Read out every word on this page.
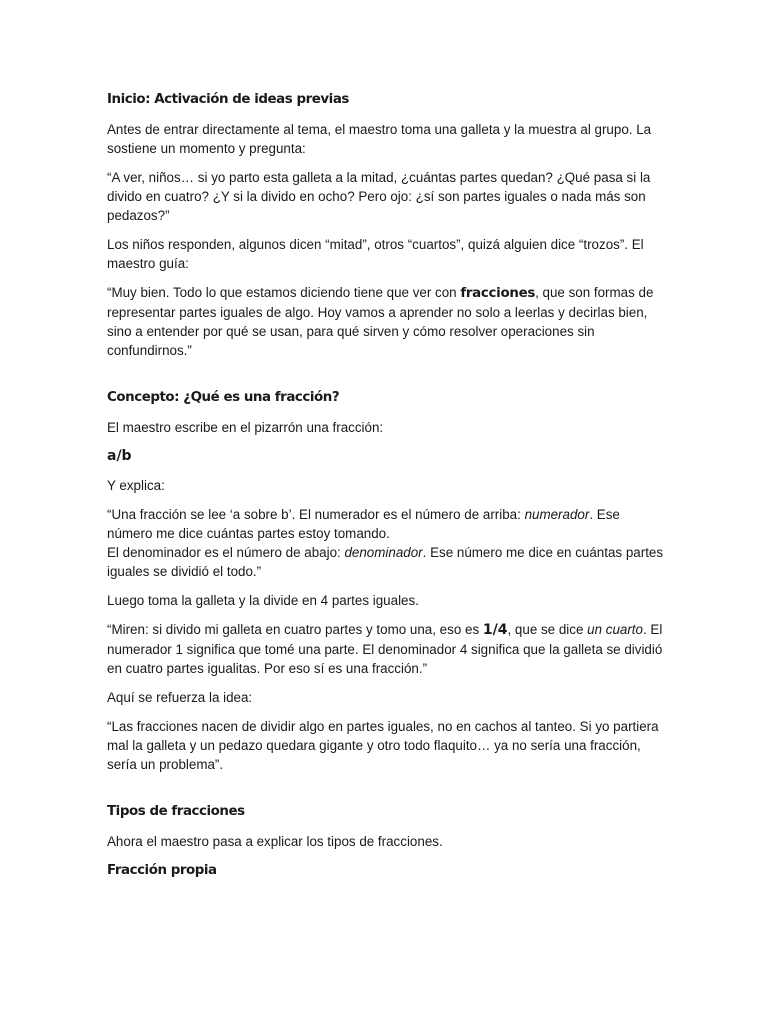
Inicio: Activación de ideas previas

Antes de entrar directamente al tema, el maestro toma una galleta y la muestra al grupo. La sostiene un momento y pregunta:

“A ver, niños… si yo parto esta galleta a la mitad, ¿cuántas partes quedan? ¿Qué pasa si la divido en cuatro? ¿Y si la divido en ocho? Pero ojo: ¿sí son partes iguales o nada más son pedazos?”

Los niños responden, algunos dicen “mitad”, otros “cuartos”, quizá alguien dice “trozos”. El maestro guía:

“Muy bien. Todo lo que estamos diciendo tiene que ver con fracciones, que son formas de representar partes iguales de algo. Hoy vamos a aprender no solo a leerlas y decirlas bien, sino a entender por qué se usan, para qué sirven y cómo resolver operaciones sin confundirnos.”

Concepto: ¿Qué es una fracción?

El maestro escribe en el pizarrón una fracción:

a/b

Y explica:

“Una fracción se lee ‘a sobre b’. El numerador es el número de arriba: numerador. Ese número me dice cuántas partes estoy tomando.
El denominador es el número de abajo: denominador. Ese número me dice en cuántas partes iguales se dividió el todo.”

Luego toma la galleta y la divide en 4 partes iguales.

“Miren: si divido mi galleta en cuatro partes y tomo una, eso es 1/4, que se dice un cuarto. El numerador 1 significa que tomé una parte. El denominador 4 significa que la galleta se dividió en cuatro partes igualitas. Por eso sí es una fracción.”

Aquí se refuerza la idea:

“Las fracciones nacen de dividir algo en partes iguales, no en cachos al tanteo. Si yo partiera mal la galleta y un pedazo quedara gigante y otro todo flaquito… ya no sería una fracción, sería un problema”.

Tipos de fracciones

Ahora el maestro pasa a explicar los tipos de fracciones.

Fracción propia
